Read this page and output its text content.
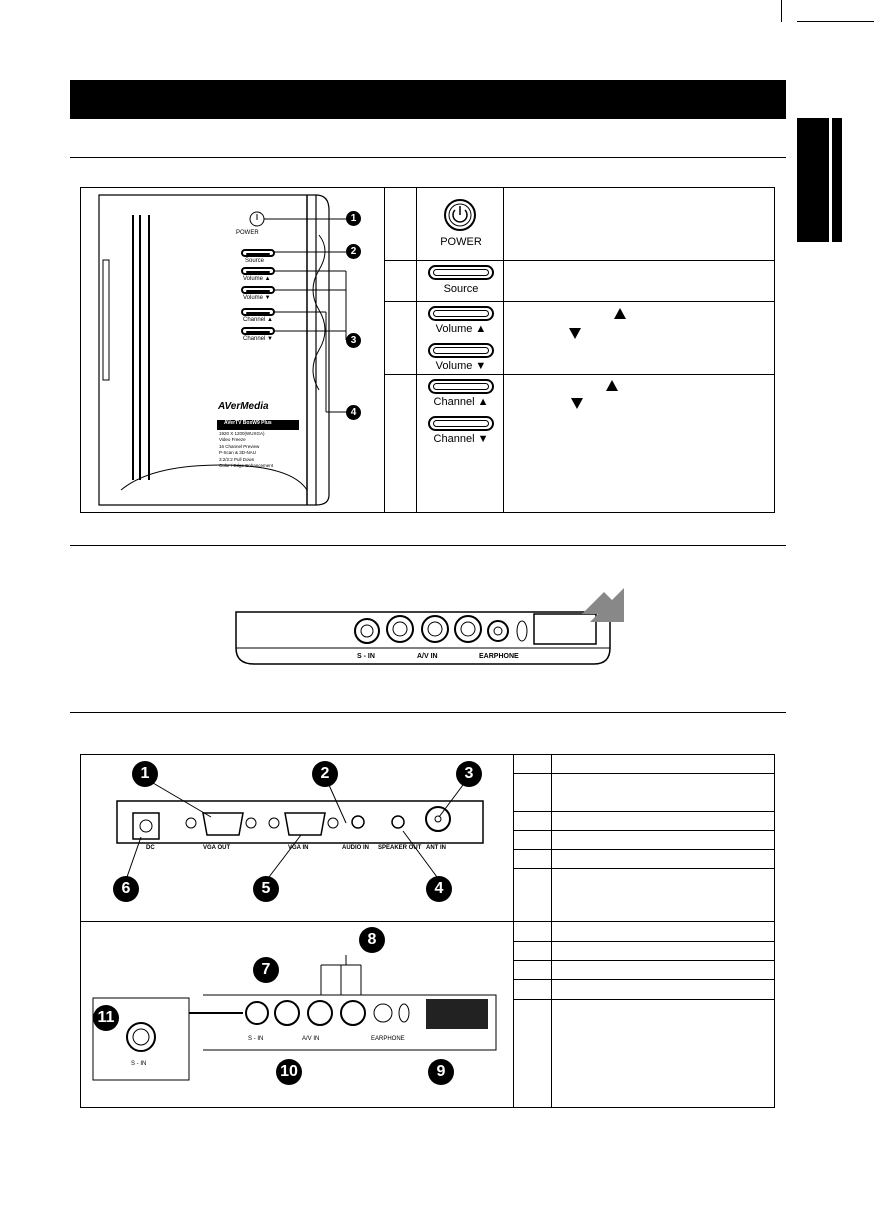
POWER
Source
Volume ▲
Volume ▼
Channel ▲
Channel ▼
AVerMedia
AVerTV BoxW9 Plus
1920 X 1200(WUXGA)
Video Freeze
16 Channel Preview
P-Scan & 3D-NAU
3:2/2:2 Pull Down
Color / Edge Enhancement
1
2
3
4
POWER
Source
Volume ▲
Volume ▼
Channel ▲
Channel ▼
S - IN	A/V IN	EARPHONE
DC	VGA OUT	VGA IN	AUDIO IN SPEAKER OUT ANT IN
1	2	3
4
5
6
S - IN	A/V IN	EARPHONE
S - IN
7
8
9
10
11
